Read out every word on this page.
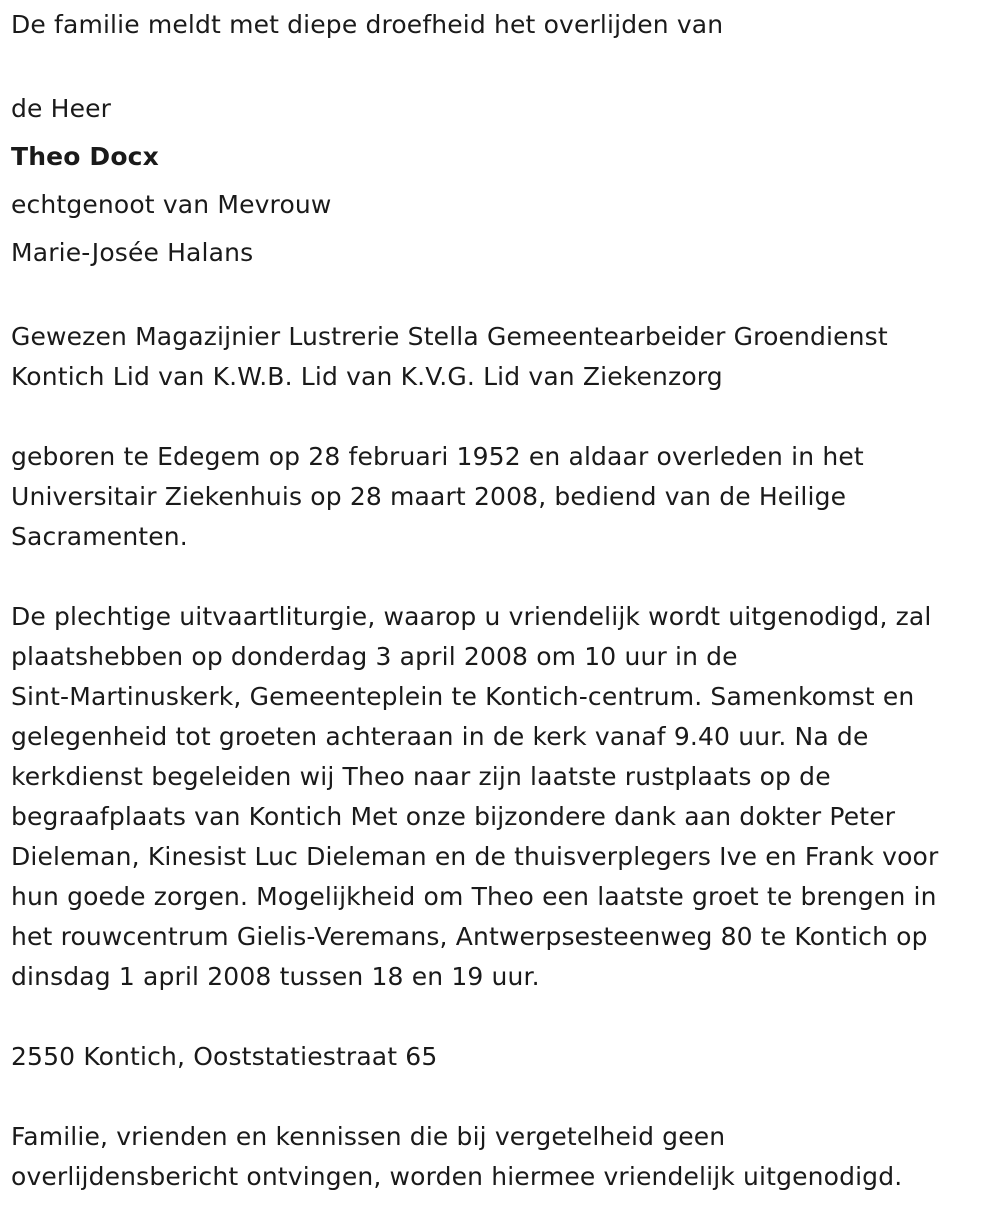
De familie meldt met diepe droefheid het overlijden van
de Heer
Theo Docx
echtgenoot van Mevrouw
Marie-Josée Halans
Gewezen Magazijnier Lustrerie Stella Gemeentearbeider Groendienst
Kontich Lid van K.W.B. Lid van K.V.G. Lid van Ziekenzorg
geboren te Edegem op 28 februari 1952 en aldaar overleden in het
Universitair Ziekenhuis op 28 maart 2008, bediend van de Heilige
Sacramenten.
De plechtige uitvaartliturgie, waarop u vriendelijk wordt uitgenodigd, zal
plaatshebben op donderdag 3 april 2008 om 10 uur in de
Sint-Martinuskerk, Gemeenteplein te Kontich-centrum. Samenkomst en
gelegenheid tot groeten achteraan in de kerk vanaf 9.40 uur. Na de
kerkdienst begeleiden wij Theo naar zijn laatste rustplaats op de
begraafplaats van Kontich Met onze bijzondere dank aan dokter Peter
Dieleman, Kinesist Luc Dieleman en de thuisverplegers Ive en Frank voor
hun goede zorgen. Mogelijkheid om Theo een laatste groet te brengen in
het rouwcentrum Gielis-Veremans, Antwerpsesteenweg 80 te Kontich op
dinsdag 1 april 2008 tussen 18 en 19 uur.
2550 Kontich, Ooststatiestraat 65
Familie, vrienden en kennissen die bij vergetelheid geen
overlijdensbericht ontvingen, worden hiermee vriendelijk uitgenodigd.
